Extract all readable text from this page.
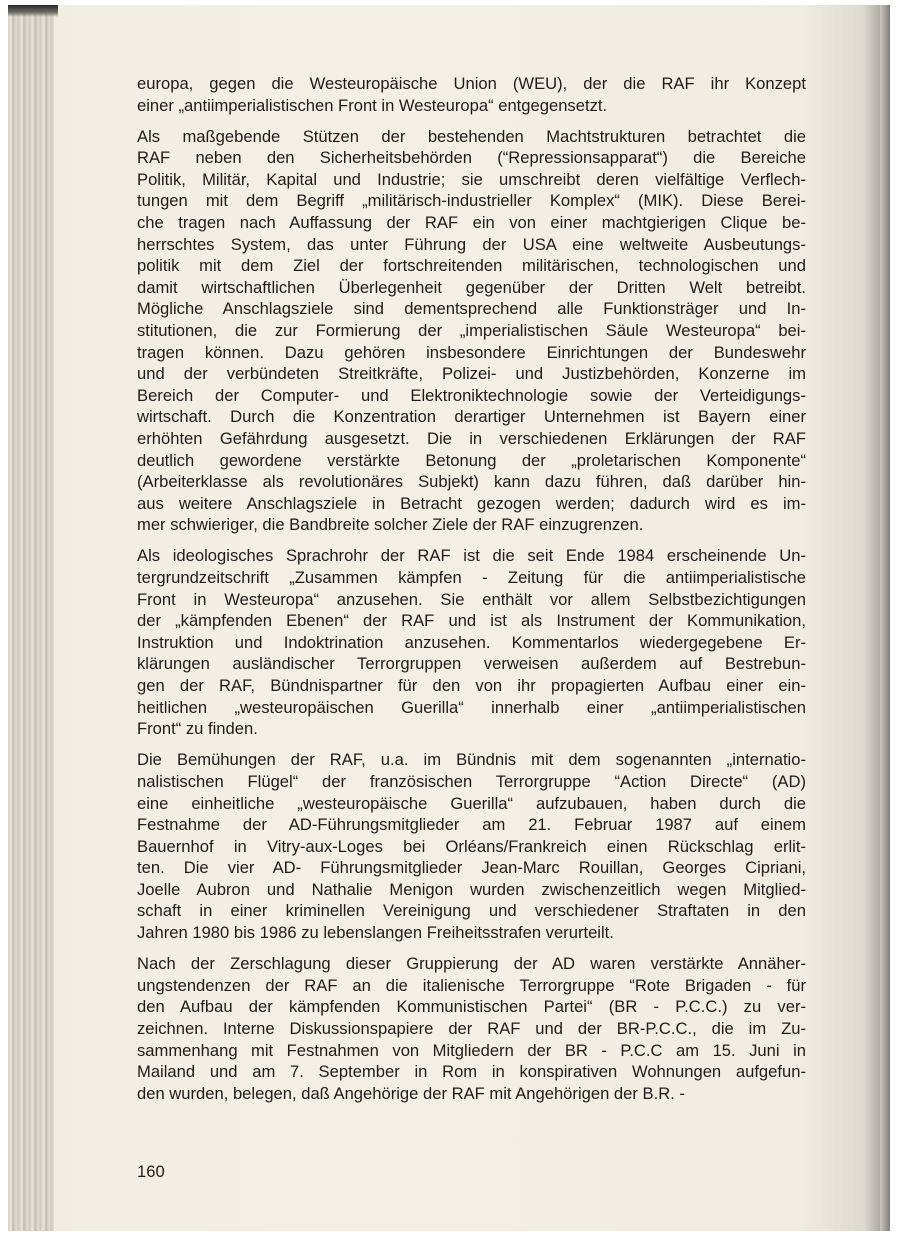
europa, gegen die Westeuropäische Union (WEU), der die RAF ihr Konzept
einer „antiimperialistischen Front in Westeuropa“ entgegensetzt.
Als maßgebende Stützen der bestehenden Machtstrukturen betrachtet die
RAF neben den Sicherheitsbehörden (“Repressionsapparat“) die Bereiche
Politik, Militär, Kapital und Industrie; sie umschreibt deren vielfältige Verflech-
tungen mit dem Begriff „militärisch-industrieller Komplex“ (MIK). Diese Berei-
che tragen nach Auffassung der RAF ein von einer machtgierigen Clique be-
herrschtes System, das unter Führung der USA eine weltweite Ausbeutungs-
politik mit dem Ziel der fortschreitenden militärischen, technologischen und
damit wirtschaftlichen Überlegenheit gegenüber der Dritten Welt betreibt.
Mögliche Anschlagsziele sind dementsprechend alle Funktionsträger und In-
stitutionen, die zur Formierung der „imperialistischen Säule Westeuropa“ bei-
tragen können. Dazu gehören insbesondere Einrichtungen der Bundeswehr
und der verbündeten Streitkräfte, Polizei- und Justizbehörden, Konzerne im
Bereich der Computer- und Elektroniktechnologie sowie der Verteidigungs-
wirtschaft. Durch die Konzentration derartiger Unternehmen ist Bayern einer
erhöhten Gefährdung ausgesetzt. Die in verschiedenen Erklärungen der RAF
deutlich gewordene verstärkte Betonung der „proletarischen Komponente“
(Arbeiterklasse als revolutionäres Subjekt) kann dazu führen, daß darüber hin-
aus weitere Anschlagsziele in Betracht gezogen werden; dadurch wird es im-
mer schwieriger, die Bandbreite solcher Ziele der RAF einzugrenzen.
Als ideologisches Sprachrohr der RAF ist die seit Ende 1984 erscheinende Un-
tergrundzeitschrift „Zusammen kämpfen - Zeitung für die antiimperialistische
Front in Westeuropa“ anzusehen. Sie enthält vor allem Selbstbezichtigungen
der „kämpfenden Ebenen“ der RAF und ist als Instrument der Kommunikation,
Instruktion und Indoktrination anzusehen. Kommentarlos wiedergegebene Er-
klärungen ausländischer Terrorgruppen verweisen außerdem auf Bestrebun-
gen der RAF, Bündnispartner für den von ihr propagierten Aufbau einer ein-
heitlichen „westeuropäischen Guerilla“ innerhalb einer „antiimperialistischen
Front“ zu finden.
Die Bemühungen der RAF, u.a. im Bündnis mit dem sogenannten „internatio-
nalistischen Flügel“ der französischen Terrorgruppe “Action Directe“ (AD)
eine einheitliche „westeuropäische Guerilla“ aufzubauen, haben durch die
Festnahme der AD-Führungsmitglieder am 21. Februar 1987 auf einem
Bauernhof in Vitry-aux-Loges bei Orléans/Frankreich einen Rückschlag erlit-
ten. Die vier AD- Führungsmitglieder Jean-Marc Rouillan, Georges Cipriani,
Joelle Aubron und Nathalie Menigon wurden zwischenzeitlich wegen Mitglied-
schaft in einer kriminellen Vereinigung und verschiedener Straftaten in den
Jahren 1980 bis 1986 zu lebenslangen Freiheitsstrafen verurteilt.
Nach der Zerschlagung dieser Gruppierung der AD waren verstärkte Annäher-
ungstendenzen der RAF an die italienische Terrorgruppe “Rote Brigaden - für
den Aufbau der kämpfenden Kommunistischen Partei“ (BR - P.C.C.) zu ver-
zeichnen. Interne Diskussionspapiere der RAF und der BR-P.C.C., die im Zu-
sammenhang mit Festnahmen von Mitgliedern der BR - P.C.C am 15. Juni in
Mailand und am 7. September in Rom in konspirativen Wohnungen aufgefun-
den wurden, belegen, daß Angehörige der RAF mit Angehörigen der B.R. -
160
